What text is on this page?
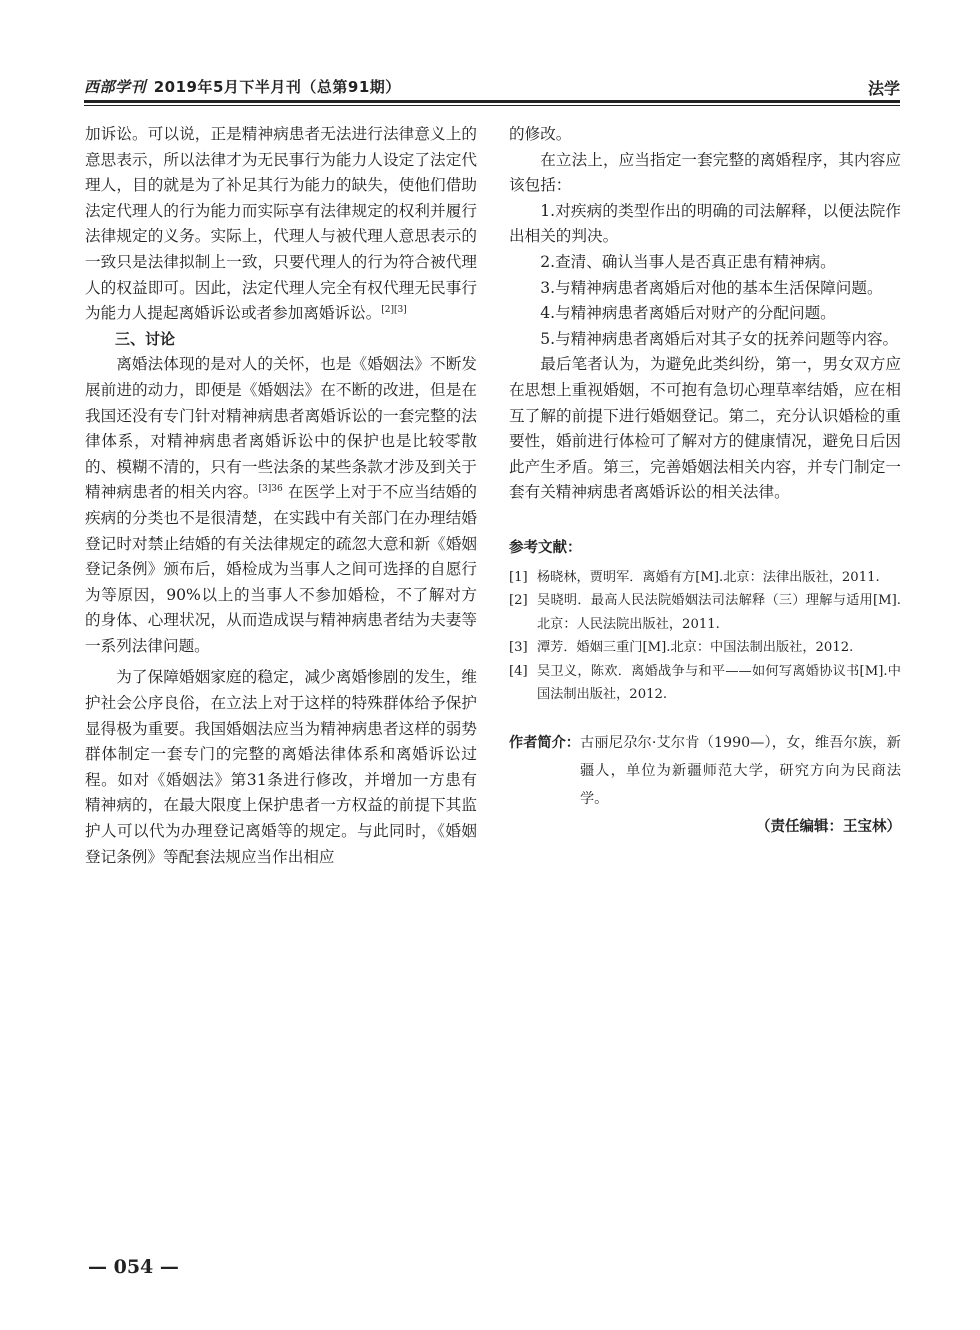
西部学刊 2019年5月下半月刊（总第91期）	法学

加诉讼。可以说，正是精神病患者无法进行法律意义上的意思表示，所以法律才为无民事行为能力人设定了法定代理人，目的就是为了补足其行为能力的缺失，使他们借助法定代理人的行为能力而实际享有法律规定的权利并履行法律规定的义务。实际上，代理人与被代理人意思表示的一致只是法律拟制上一致，只要代理人的行为符合被代理人的权益即可。因此，法定代理人完全有权代理无民事行为能力人提起离婚诉讼或者参加离婚诉讼。[2][3]

三、讨论

离婚法体现的是对人的关怀，也是《婚姻法》不断发展前进的动力，即便是《婚姻法》在不断的改进，但是在我国还没有专门针对精神病患者离婚诉讼的一套完整的法律体系，对精神病患者离婚诉讼中的保护也是比较零散的、模糊不清的，只有一些法条的某些条款才涉及到关于精神病患者的相关内容。$^{[3]36}$ 在医学上对于不应当结婚的疾病的分类也不是很清楚，在实践中有关部门在办理结婚登记时对禁止结婚的有关法律规定的疏忽大意和新《婚姻登记条例》颁布后，婚检成为当事人之间可选择的自愿行为等原因，90%以上的当事人不参加婚检，不了解对方的身体、心理状况，从而造成误与精神病患者结为夫妻等一系列法律问题。

为了保障婚姻家庭的稳定，减少离婚惨剧的发生，维护社会公序良俗，在立法上对于这样的特殊群体给予保护显得极为重要。我国婚姻法应当为精神病患者这样的弱势群体制定一套专门的完整的离婚法律体系和离婚诉讼过程。如对《婚姻法》第31条进行修改，并增加一方患有精神病的，在最大限度上保护患者一方权益的前提下其监护人可以代为办理登记离婚等的规定。与此同时，《婚姻登记条例》等配套法规应当作出相应

的修改。

在立法上，应当指定一套完整的离婚程序，其内容应该包括：

1.对疾病的类型作出的明确的司法解释，以便法院作出相关的判决。

2.查清、确认当事人是否真正患有精神病。

3.与精神病患者离婚后对他的基本生活保障问题。

4.与精神病患者离婚后对财产的分配问题。

5.与精神病患者离婚后对其子女的抚养问题等内容。

最后笔者认为，为避免此类纠纷，第一，男女双方应在思想上重视婚姻，不可抱有急切心理草率结婚，应在相互了解的前提下进行婚姻登记。第二，充分认识婚检的重要性，婚前进行体检可了解对方的健康情况，避免日后因此产生矛盾。第三，完善婚姻法相关内容，并专门制定一套有关精神病患者离婚诉讼的相关法律。

参考文献：
[1] 杨晓林，贾明军．离婚有方[M].北京：法律出版社，2011.
[2] 吴晓明．最高人民法院婚姻法司法解释（三）理解与适用[M].北京：人民法院出版社，2011.
[3] 潭芳．婚姻三重门[M].北京：中国法制出版社，2012.
[4] 吴卫义，陈欢．离婚战争与和平——如何写离婚协议书[M].中国法制出版社，2012.
作者简介： 古丽尼尕尔·艾尔肯（1990—），女，维吾尔族，新疆人，单位为新疆师范大学，研究方向为民商法学。
（责任编辑：王宝林）
— 054 —
